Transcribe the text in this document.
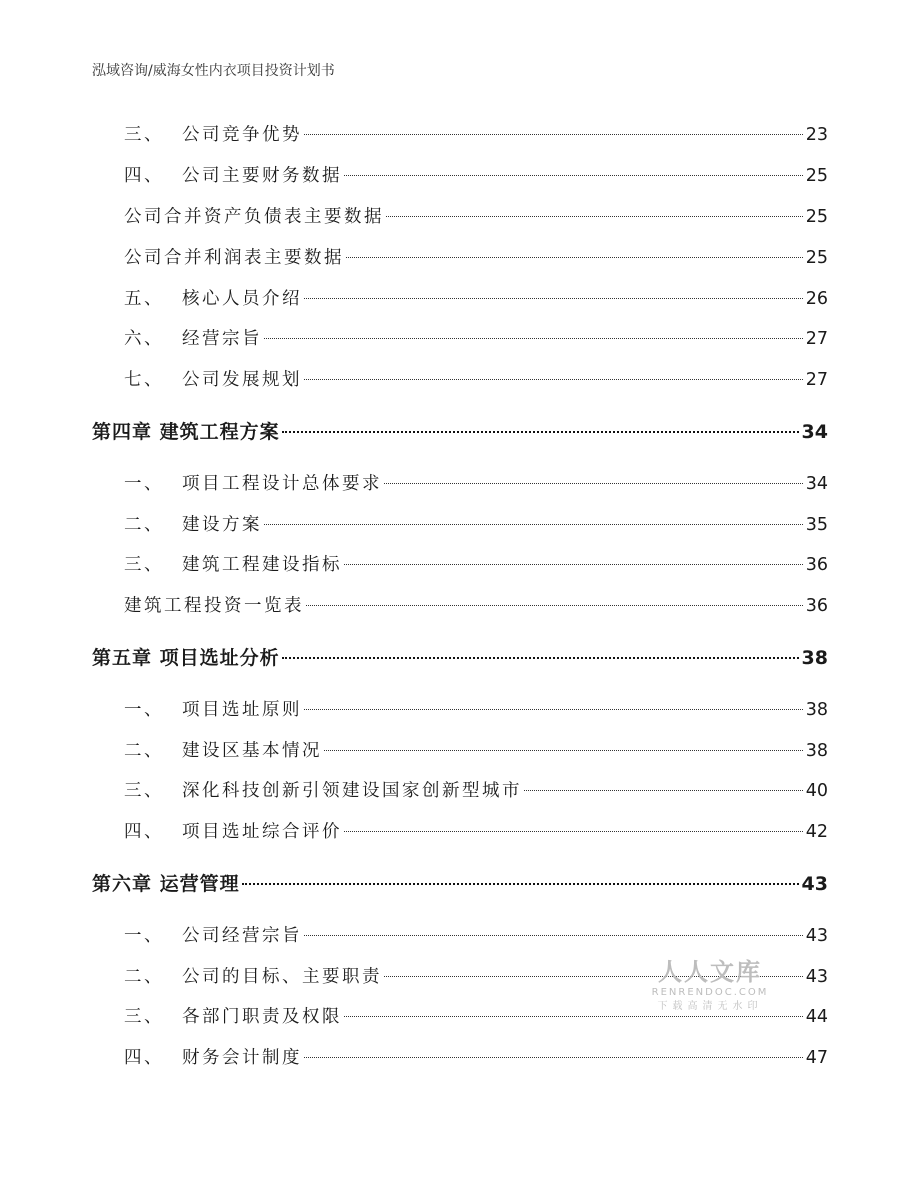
泓域咨询/威海女性内衣项目投资计划书
三、	公司竞争优势	23
四、	公司主要财务数据	25
公司合并资产负债表主要数据	25
公司合并利润表主要数据	25
五、	核心人员介绍	26
六、	经营宗旨	27
七、	公司发展规划	27
第四章 建筑工程方案	34
一、	项目工程设计总体要求	34
二、	建设方案	35
三、	建筑工程建设指标	36
建筑工程投资一览表	36
第五章 项目选址分析	38
一、	项目选址原则	38
二、	建设区基本情况	38
三、	深化科技创新引领建设国家创新型城市	40
四、	项目选址综合评价	42
第六章 运营管理	43
一、	公司经营宗旨	43
二、	公司的目标、主要职责	43
三、	各部门职责及权限	44
四、	财务会计制度	47
人人文库
RENRENDOC.COM
下载高清无水印
